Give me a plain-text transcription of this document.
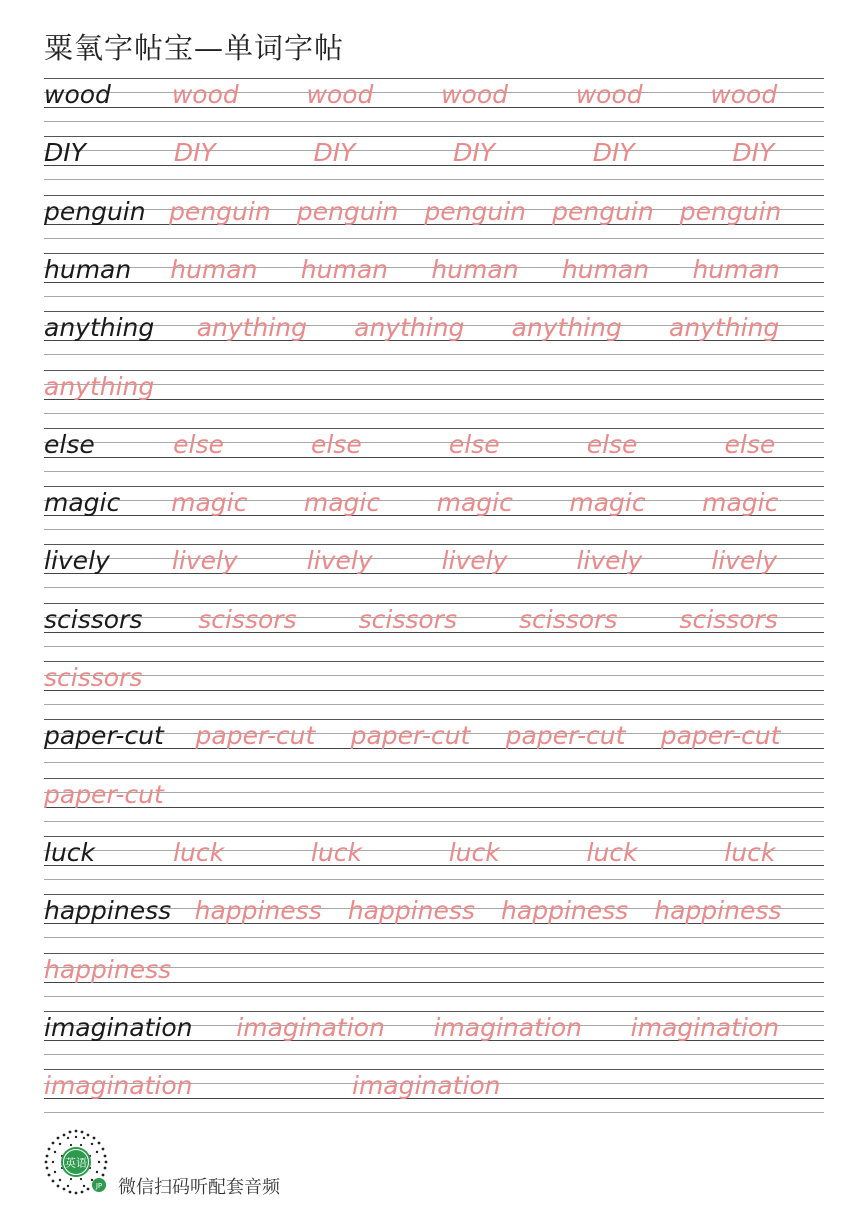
粟氧字帖宝—单词字帖
wood wood	wood	wood	wood	wood
DIY	DIY	DIY	DIY	DIY	DIY
penguin penguin penguin penguin penguin penguin
human human human human human human
anything anything anything anything anything
anything
else	else	else	else	else	else
magic magic magic magic magic magic
lively lively	lively	lively	lively	lively
scissors scissors scissors scissors scissors
scissors
paper-cut paper-cut paper-cut paper-cut paper-cut
paper-cut
luck	luck	luck	luck	luck	luck
happiness happiness happiness happiness happiness
happiness
imagination imagination imagination imagination
imagination	imagination
英语
JP 微信扫码听配套音频
